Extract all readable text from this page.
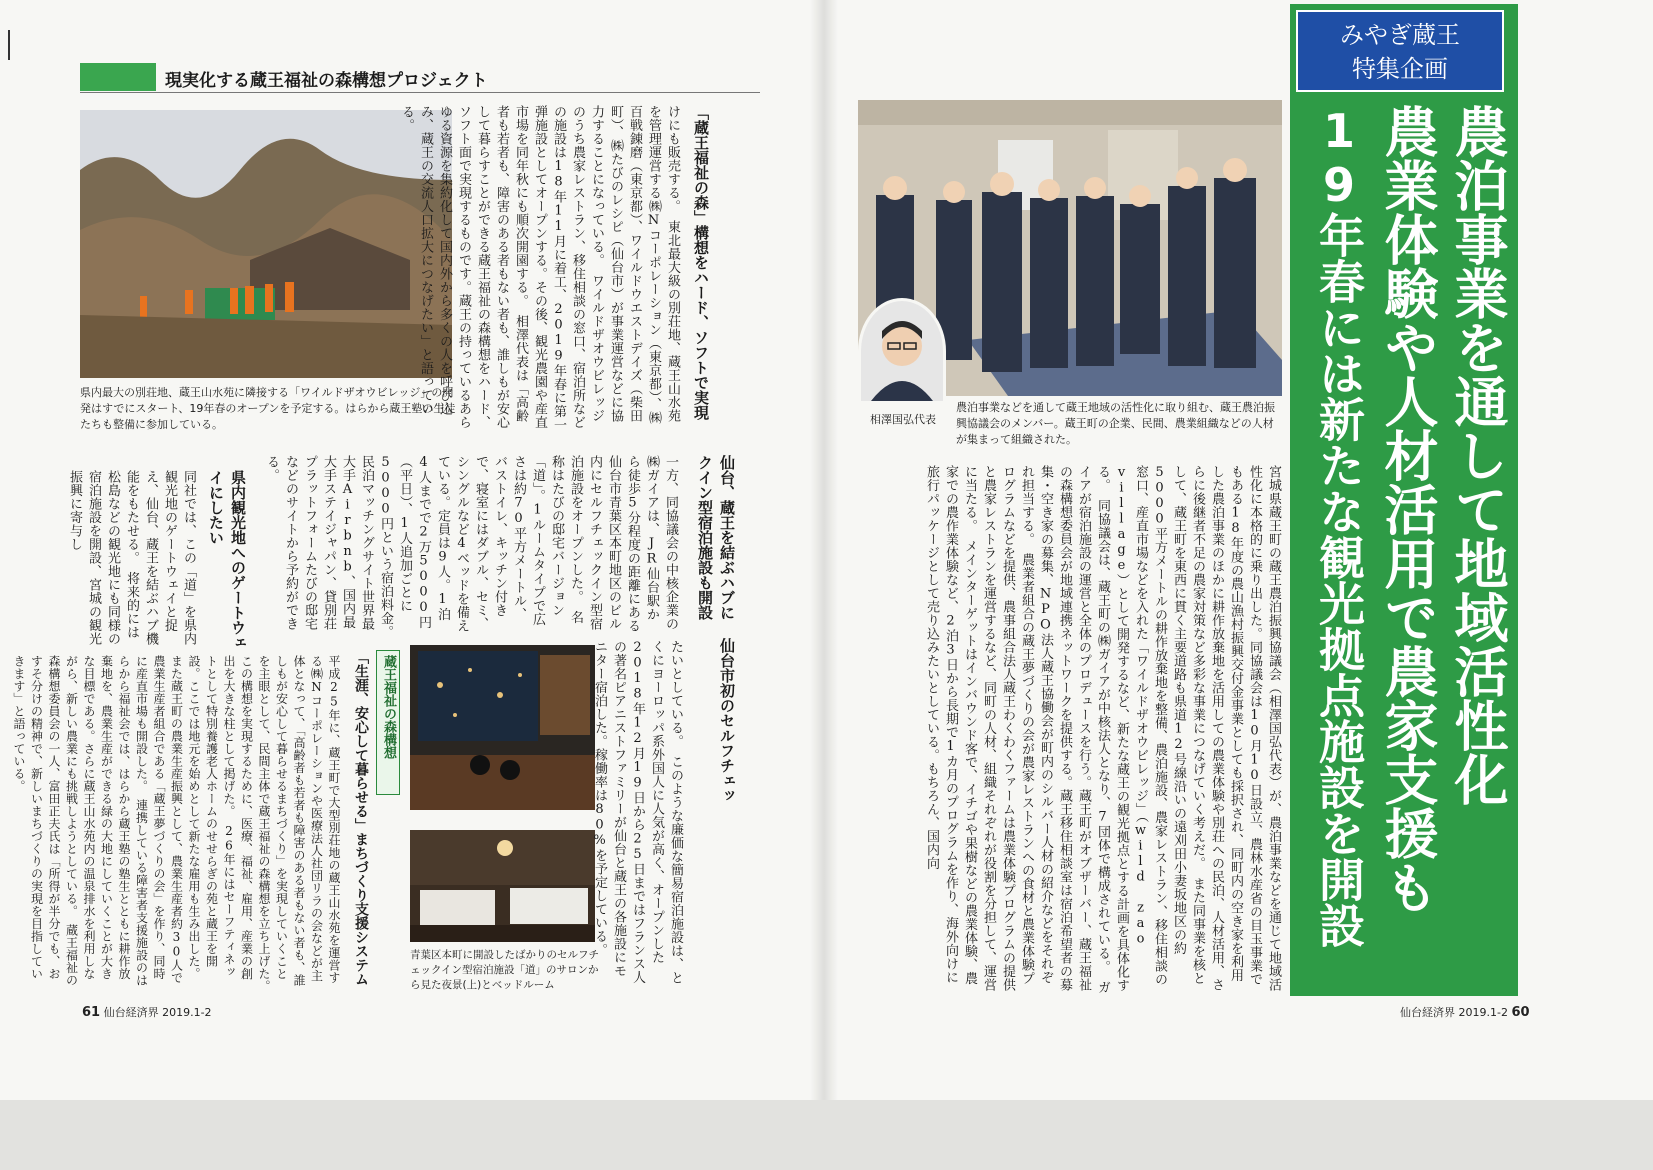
現実化する蔵王福祉の森構想プロジェクト
県内最大の別荘地、蔵王山水苑に隣接する「ワイルドザオウビレッジ」の開発はすでにスタート、19年春のオープンを予定する。はらから蔵王塾の生徒たちも整備に参加している。
「蔵王福祉の森」構想をハード、ソフトで実現
けにも販売する。　東北最大級の別荘地、蔵王山水苑を管理運営する㈱Nコーポレーション（東京都）、㈱百戦錬磨（東京都）、ワイルドウエストデイズ（柴田町）、㈱たびのレシピ（仙台市）が事業運営などに協力することになっている。　ワイルドザオウビレッジのうち農家レストラン、移住相談の窓口、宿泊所などの施設は18年11月に着工、2019年春に第一弾施設としてオープンする。その後、観光農園や産直市場を同年秋にも順次開園する。　相澤代表は「高齢者も若者も、障害のある者もない者も、誰しもが安心して暮らすことができる蔵王福祉の森構想をハード、ソフト面で実現するものです。蔵王の持っているあらゆる資源を集約化して国内外から多くの人を呼び込み、蔵王の交流人口拡大につなげたい」と語っている。
仙台、蔵王を結ぶハブに 仙台市初のセルフチェックイン型宿泊施設も開設
一方、同協議会の中核企業の㈱ガイアは、JR仙台駅から徒歩5分程度の距離にある仙台市青葉区本町地区のビル内にセルフチェックイン型宿泊施設をオープンした。　名称はたびの邸宅バージョン「道」。1ルームタイプで広さは約70平方メートル、バストイレ、キッチン付きで、寝室にはダブル、セミ、シングルなど4ベッドを備えている。定員は9人。1泊4人までで2万5000円（平日）、1人追加ごとに5000円という宿泊料金。　民泊マッチングサイト世界最大手Airbnb、国内最大手ステイジャパン、貸別荘プラットフォームたびの邸宅などのサイトから予約ができる。
県内観光地へのゲートウェイにしたい
同社では、この「道」を県内観光地のゲートウェイと捉え、仙台、蔵王を結ぶハブ機能をもたせる。　将来的には松島などの観光地にも同様の宿泊施設を開設、宮城の観光振興に寄与し
青葉区本町に開設したばかりのセルフチェックイン型宿泊施設「道」のサロンから見た夜景(上)とベッドルーム
たいとしている。　このような廉価な簡易宿泊施設は、とくにヨーロッパ系外国人に人気が高く、オープンした2018年12月19日から25日まではフランス人の著名ピアニストファミリーが仙台と蔵王の各施設にモニター宿泊した。稼働率は80%を予定している。
蔵王福祉の森構想
「生涯、安心して暮らせる」まちづくり支援システム
平成25年に、蔵王町で大型別荘地の蔵王山水苑を運営する㈱Nコーポレーションや医療法人社団リラの会などが主体となって、「高齢者も若者も障害のある者もない者も、誰しもが安心して暮らせるまちづくり」を実現していくことを主眼として、民間主体で蔵王福祉の森構想を立ち上げた。　この構想を実現するために、医療、福祉、雇用、産業の創出を大きな柱として掲げた。　26年にはセーフティネットとして特別養護老人ホームのせせらぎの苑と蔵王を開設。ここでは地元を始めとして新たな雇用も生み出した。また蔵王町の農業生産振興として、農業生産者約30人で農業生産者組合である「蔵王夢づくりの会」を作り、同時に産直市場も開設した。　連携している障害者支援施設のはらから福祉会では、はらから蔵王塾の塾生とともに耕作放棄地を、農業生産ができる緑の大地にしていくことが大きな目標である。さらに蔵王山水苑内の温泉排水を利用しながら、新しい農業にも挑戦しようとしている。　蔵王福祉の森構想委員会の一人、富田正夫氏は「所得が半分でも、おすそ分けの精神で、新しいまちづくりの実現を目指していきます」と語っている。
61 仙台経済界 2019.1-2
相澤国弘代表
農泊事業などを通して蔵王地域の活性化に取り組む、蔵王農泊振興協議会のメンバー。蔵王町の企業、民間、農業組織などの人材が集まって組織された。
宮城県蔵王町の蔵王農泊振興協議会（相澤国弘代表）が、農泊事業などを通じて地域活性化に本格的に乗り出した。同協議会は10月10日設立、農林水産省の目玉事業でもある18年度の農山漁村振興交付金事業としても採択され、同町内の空き家を利用した農泊事業のほかに耕作放棄地を活用しての農業体験や別荘への民泊、人材活用、さらに後継者不足の農家対策など多彩な事業につなげていく考えだ。　また同事業を核として、蔵王町を東西に貫く主要道路も県道12号線沿いの遠刈田小妻坂地区の約5000平方メートルの耕作放棄地を整備、農泊施設、農家レストラン、移住相談の窓口、産直市場などを入れた「ワイルドザオウビレッジ」（wild zao village）として開発するなど、新たな蔵王の観光拠点とする計画を具体化する。　同協議会は、蔵王町の㈱ガイアが中核法人となり、7団体で構成されている。　ガイアが宿泊施設の運営と全体のプロデュースを行う。蔵王町がオブザーバー、蔵王福祉の森構想委員会が地域連携ネットワークを提供する。蔵王移住相談室は宿泊希望者の募集・空き家の募集、NPO法人蔵王協働会が町内のシルバー人材の紹介などをそれぞれ担当する。　農業者組合の蔵王夢づくりの会が農家レストランへの食材と農業体験プログラムなどを提供、農事組合法人蔵王わくわくファームは農業体験プログラムの提供と農家レストランを運営するなど、同町の人材、組織それぞれが役割を分担して、運営に当たる。　メインターゲットはインバウンド客で、イチゴや果樹などの農業体験、農家での農作業体験など、2泊3日から長期で1カ月のプログラムを作り、海外向けに旅行パッケージとして売り込みたいとしている。もちろん、国内向
みやぎ蔵王
特集企画
農泊事業を通して地域活性化
農業体験や人材活用で農家支援も
19年春には新たな観光拠点施設を開設
仙台経済界 2019.1-2 60
